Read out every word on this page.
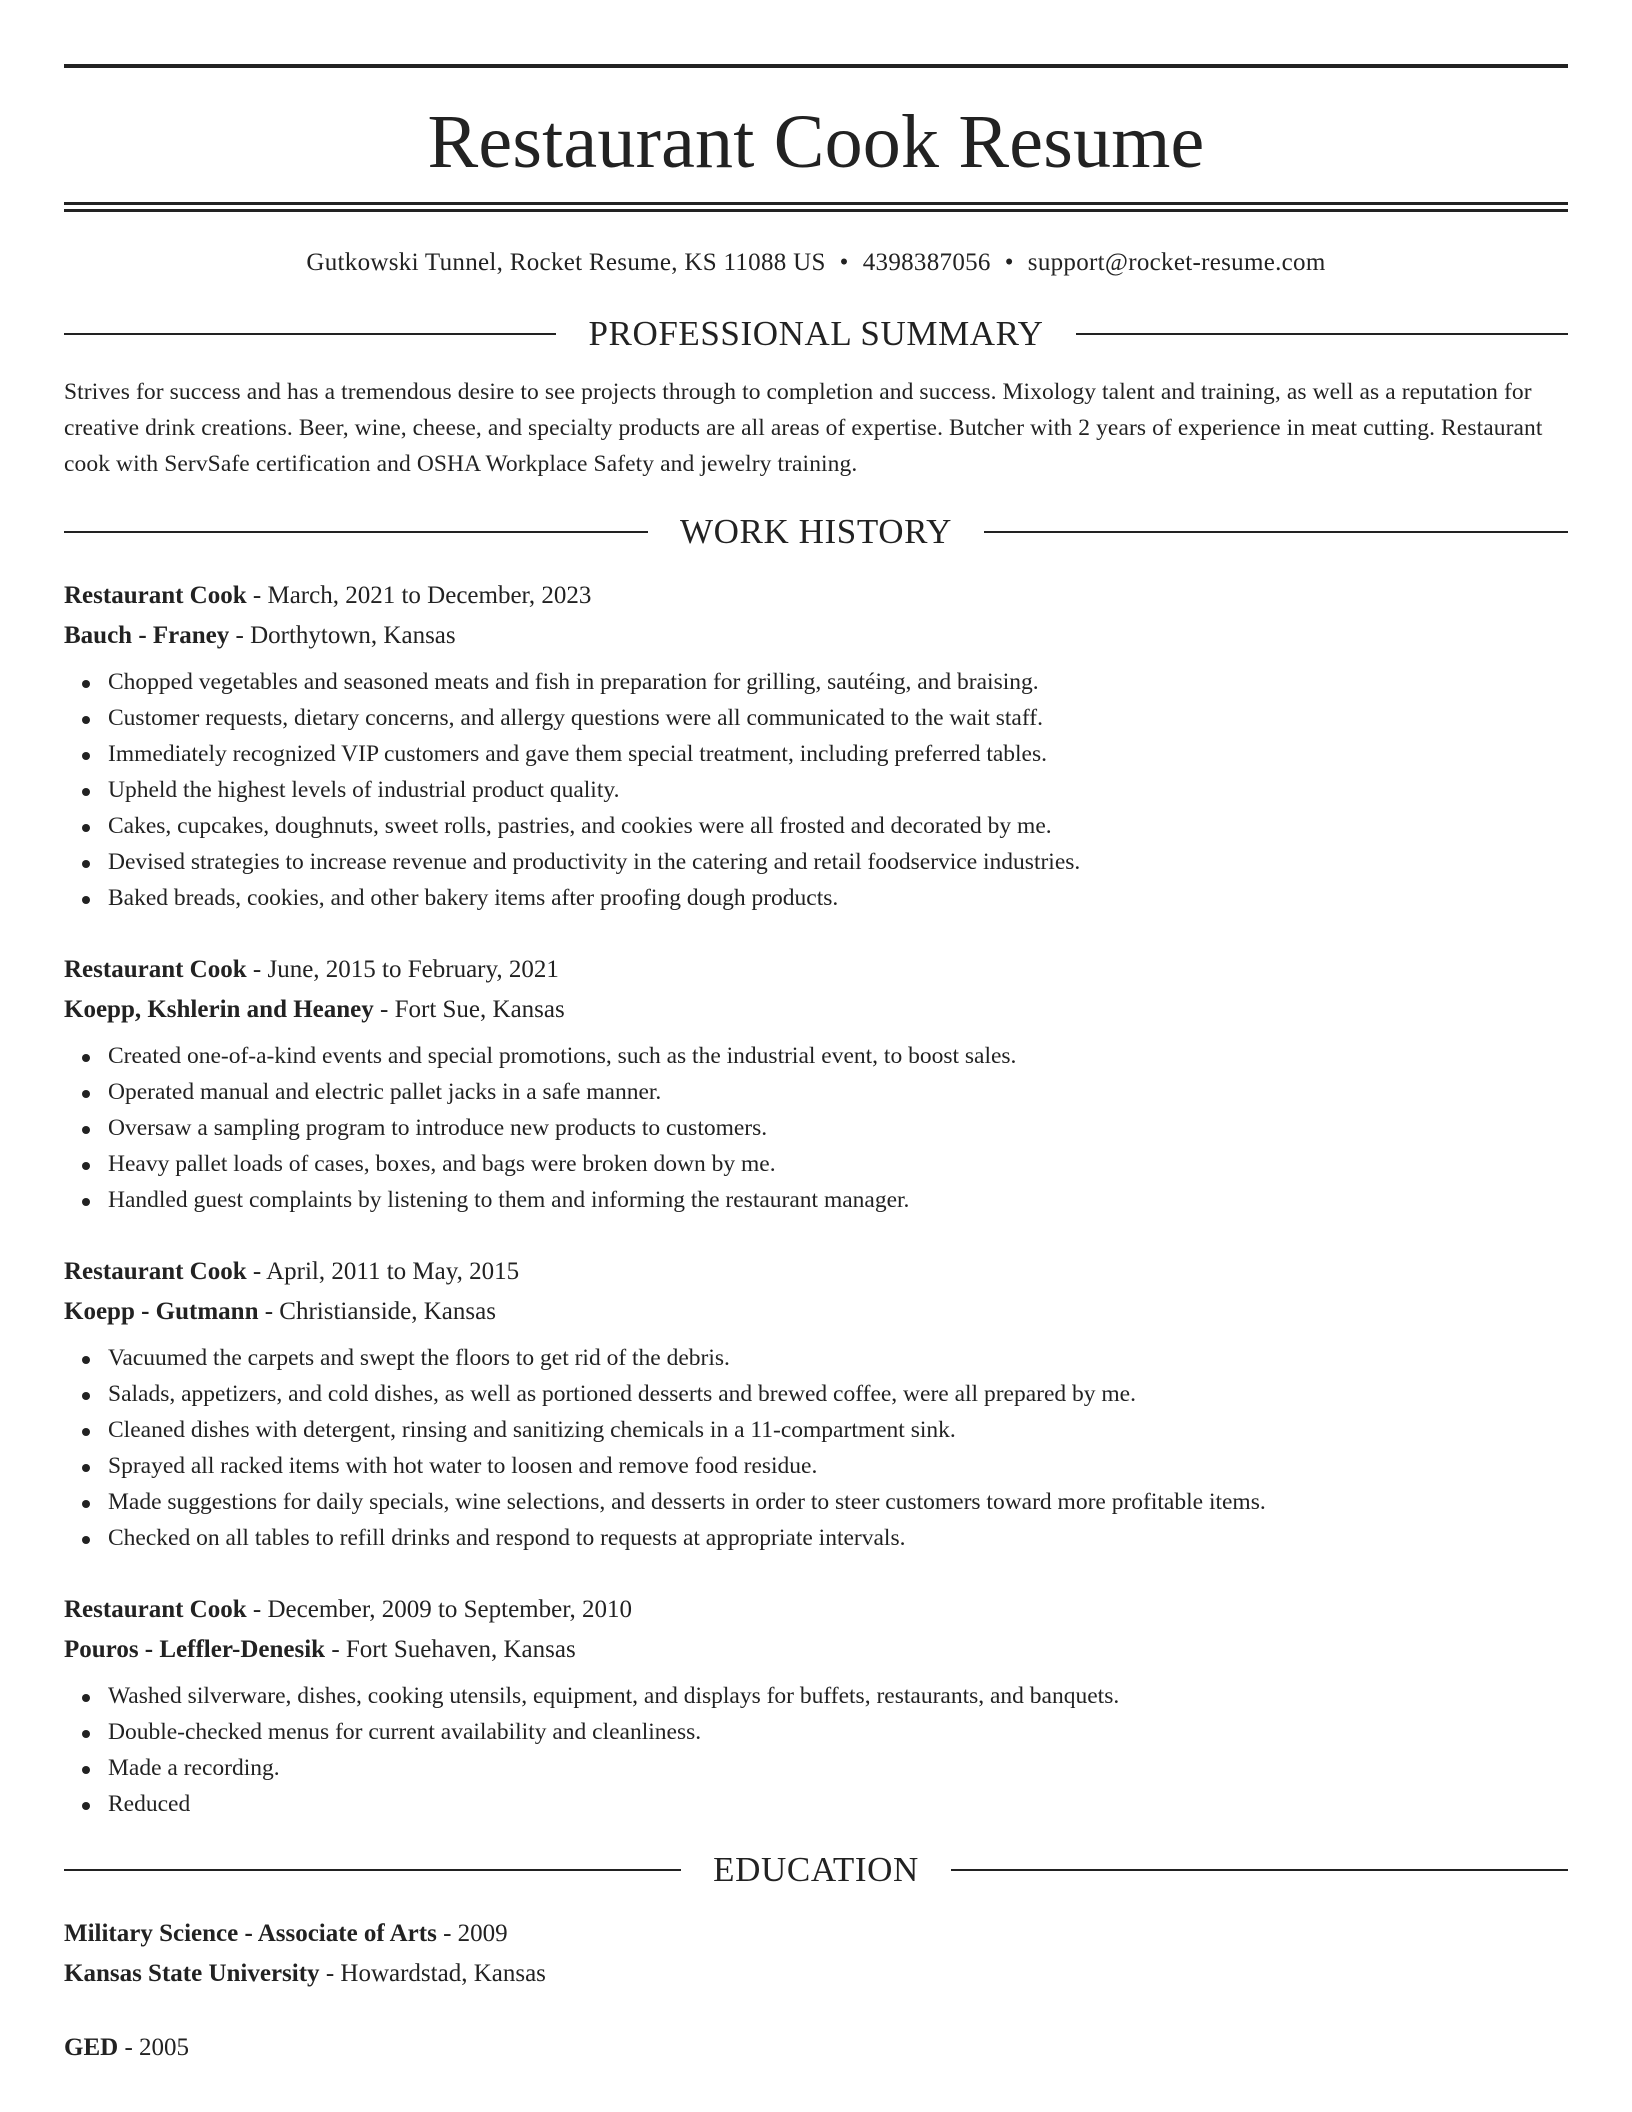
Restaurant Cook Resume
Gutkowski Tunnel, Rocket Resume, KS 11088 US • 4398387056 • support@rocket-resume.com
PROFESSIONAL SUMMARY
Strives for success and has a tremendous desire to see projects through to completion and success. Mixology talent and training, as well as a reputation for creative drink creations. Beer, wine, cheese, and specialty products are all areas of expertise. Butcher with 2 years of experience in meat cutting. Restaurant cook with ServSafe certification and OSHA Workplace Safety and jewelry training.
WORK HISTORY
Restaurant Cook - March, 2021 to December, 2023
Bauch - Franey - Dorthytown, Kansas
Chopped vegetables and seasoned meats and fish in preparation for grilling, sautéing, and braising.
Customer requests, dietary concerns, and allergy questions were all communicated to the wait staff.
Immediately recognized VIP customers and gave them special treatment, including preferred tables.
Upheld the highest levels of industrial product quality.
Cakes, cupcakes, doughnuts, sweet rolls, pastries, and cookies were all frosted and decorated by me.
Devised strategies to increase revenue and productivity in the catering and retail foodservice industries.
Baked breads, cookies, and other bakery items after proofing dough products.
Restaurant Cook - June, 2015 to February, 2021
Koepp, Kshlerin and Heaney - Fort Sue, Kansas
Created one-of-a-kind events and special promotions, such as the industrial event, to boost sales.
Operated manual and electric pallet jacks in a safe manner.
Oversaw a sampling program to introduce new products to customers.
Heavy pallet loads of cases, boxes, and bags were broken down by me.
Handled guest complaints by listening to them and informing the restaurant manager.
Restaurant Cook - April, 2011 to May, 2015
Koepp - Gutmann - Christianside, Kansas
Vacuumed the carpets and swept the floors to get rid of the debris.
Salads, appetizers, and cold dishes, as well as portioned desserts and brewed coffee, were all prepared by me.
Cleaned dishes with detergent, rinsing and sanitizing chemicals in a 11-compartment sink.
Sprayed all racked items with hot water to loosen and remove food residue.
Made suggestions for daily specials, wine selections, and desserts in order to steer customers toward more profitable items.
Checked on all tables to refill drinks and respond to requests at appropriate intervals.
Restaurant Cook - December, 2009 to September, 2010
Pouros - Leffler-Denesik - Fort Suehaven, Kansas
Washed silverware, dishes, cooking utensils, equipment, and displays for buffets, restaurants, and banquets.
Double-checked menus for current availability and cleanliness.
Made a recording.
Reduced
EDUCATION
Military Science - Associate of Arts - 2009
Kansas State University - Howardstad, Kansas
GED - 2005
